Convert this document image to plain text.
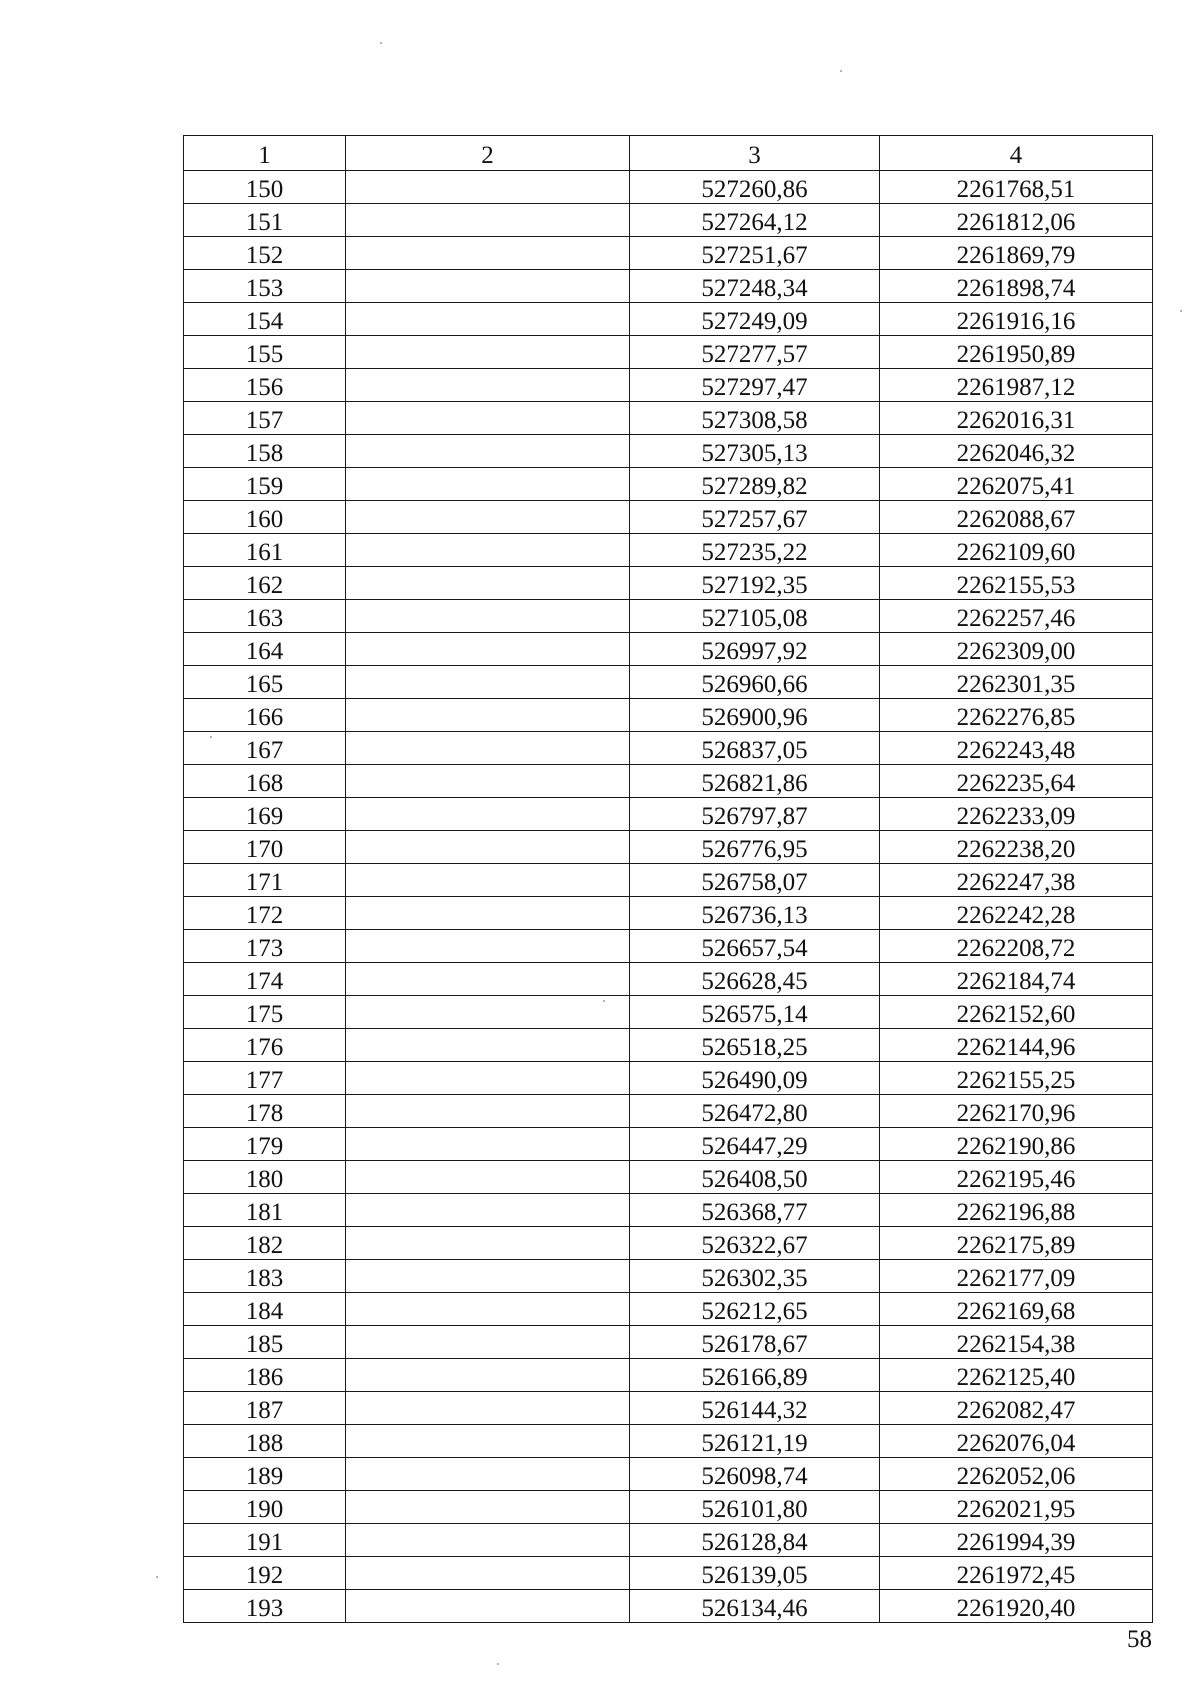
1	2	3	4
150		527260,86	2261768,51
151		527264,12	2261812,06
152		527251,67	2261869,79
153		527248,34	2261898,74
154		527249,09	2261916,16
155		527277,57	2261950,89
156		527297,47	2261987,12
157		527308,58	2262016,31
158		527305,13	2262046,32
159		527289,82	2262075,41
160		527257,67	2262088,67
161		527235,22	2262109,60
162		527192,35	2262155,53
163		527105,08	2262257,46
164		526997,92	2262309,00
165		526960,66	2262301,35
166		526900,96	2262276,85
167		526837,05	2262243,48
168		526821,86	2262235,64
169		526797,87	2262233,09
170		526776,95	2262238,20
171		526758,07	2262247,38
172		526736,13	2262242,28
173		526657,54	2262208,72
174		526628,45	2262184,74
175		526575,14	2262152,60
176		526518,25	2262144,96
177		526490,09	2262155,25
178		526472,80	2262170,96
179		526447,29	2262190,86
180		526408,50	2262195,46
181		526368,77	2262196,88
182		526322,67	2262175,89
183		526302,35	2262177,09
184		526212,65	2262169,68
185		526178,67	2262154,38
186		526166,89	2262125,40
187		526144,32	2262082,47
188		526121,19	2262076,04
189		526098,74	2262052,06
190		526101,80	2262021,95
191		526128,84	2261994,39
192		526139,05	2261972,45
193		526134,46	2261920,40
58
